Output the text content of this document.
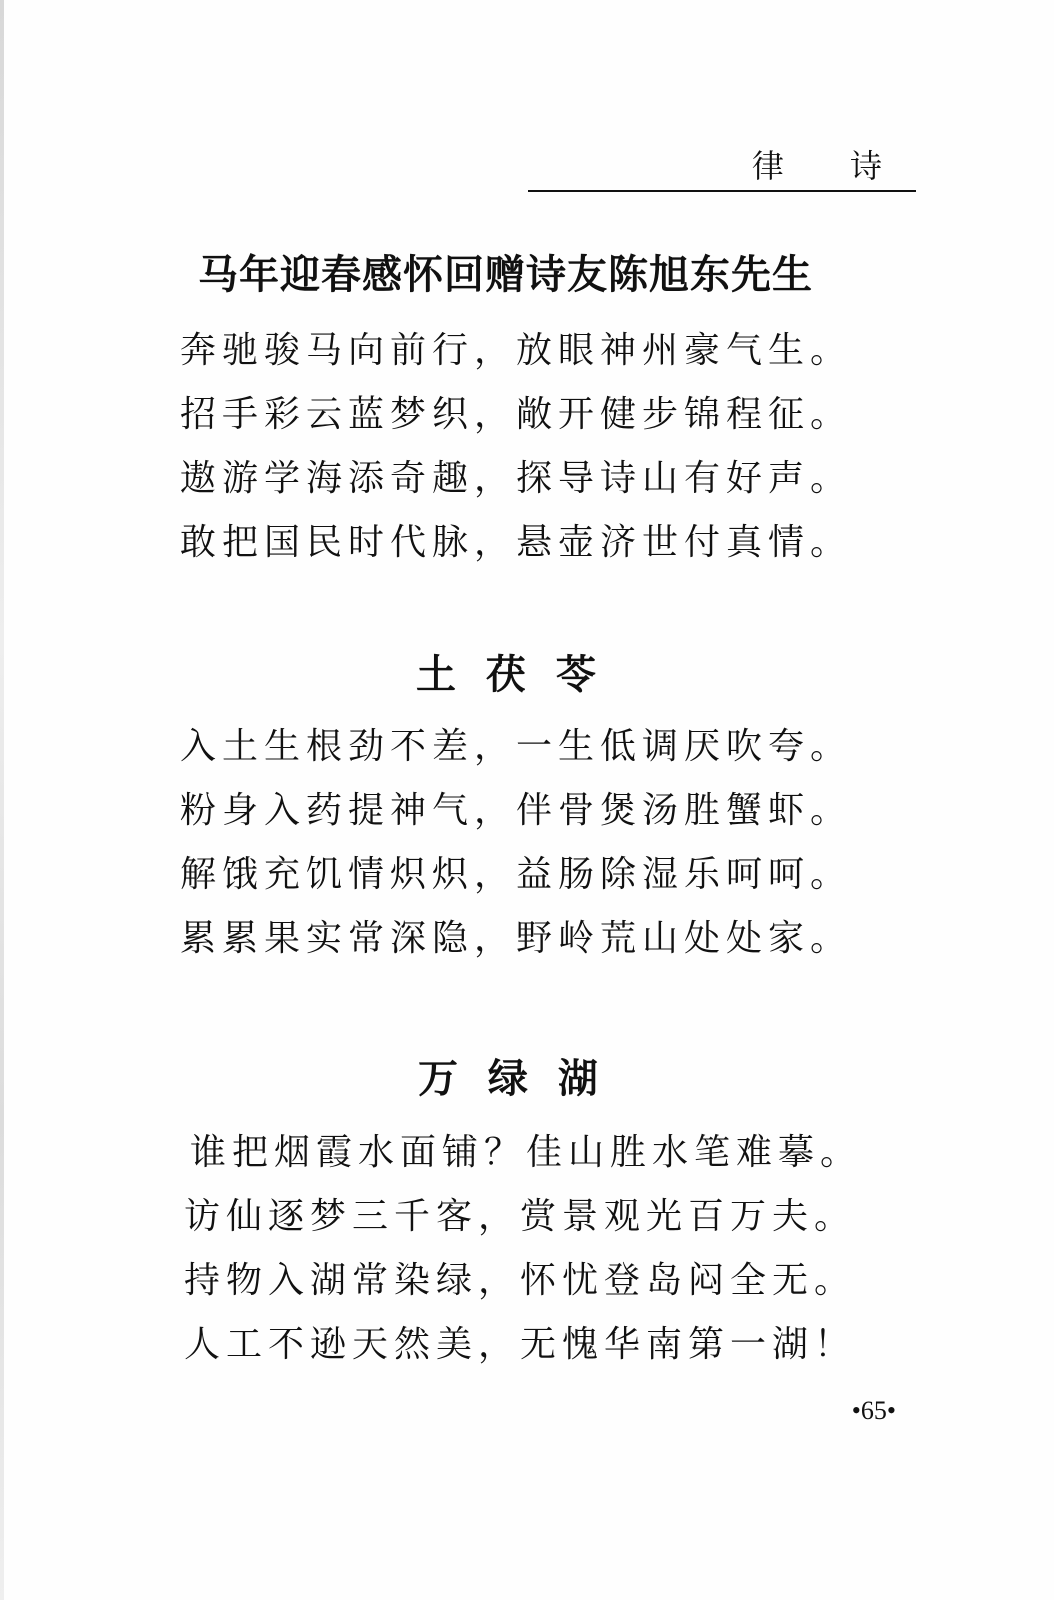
律 诗
马年迎春感怀回赠诗友陈旭东先生
奔驰骏马向前行，放眼神州豪气生。
招手彩云蓝梦织，敞开健步锦程征。
遨游学海添奇趣，探导诗山有好声。
敢把国民时代脉，悬壶济世付真情。
土 茯 苓
入土生根劲不差，一生低调厌吹夸。
粉身入药提神气，伴骨煲汤胜蟹虾。
解饿充饥情炽炽，益肠除湿乐呵呵。
累累果实常深隐，野岭荒山处处家。
万 绿 湖
谁把烟霞水面铺？佳山胜水笔难摹。
访仙逐梦三千客，赏景观光百万夫。
持物入湖常染绿，怀忧登岛闷全无。
人工不逊天然美，无愧华南第一湖！
•65•
